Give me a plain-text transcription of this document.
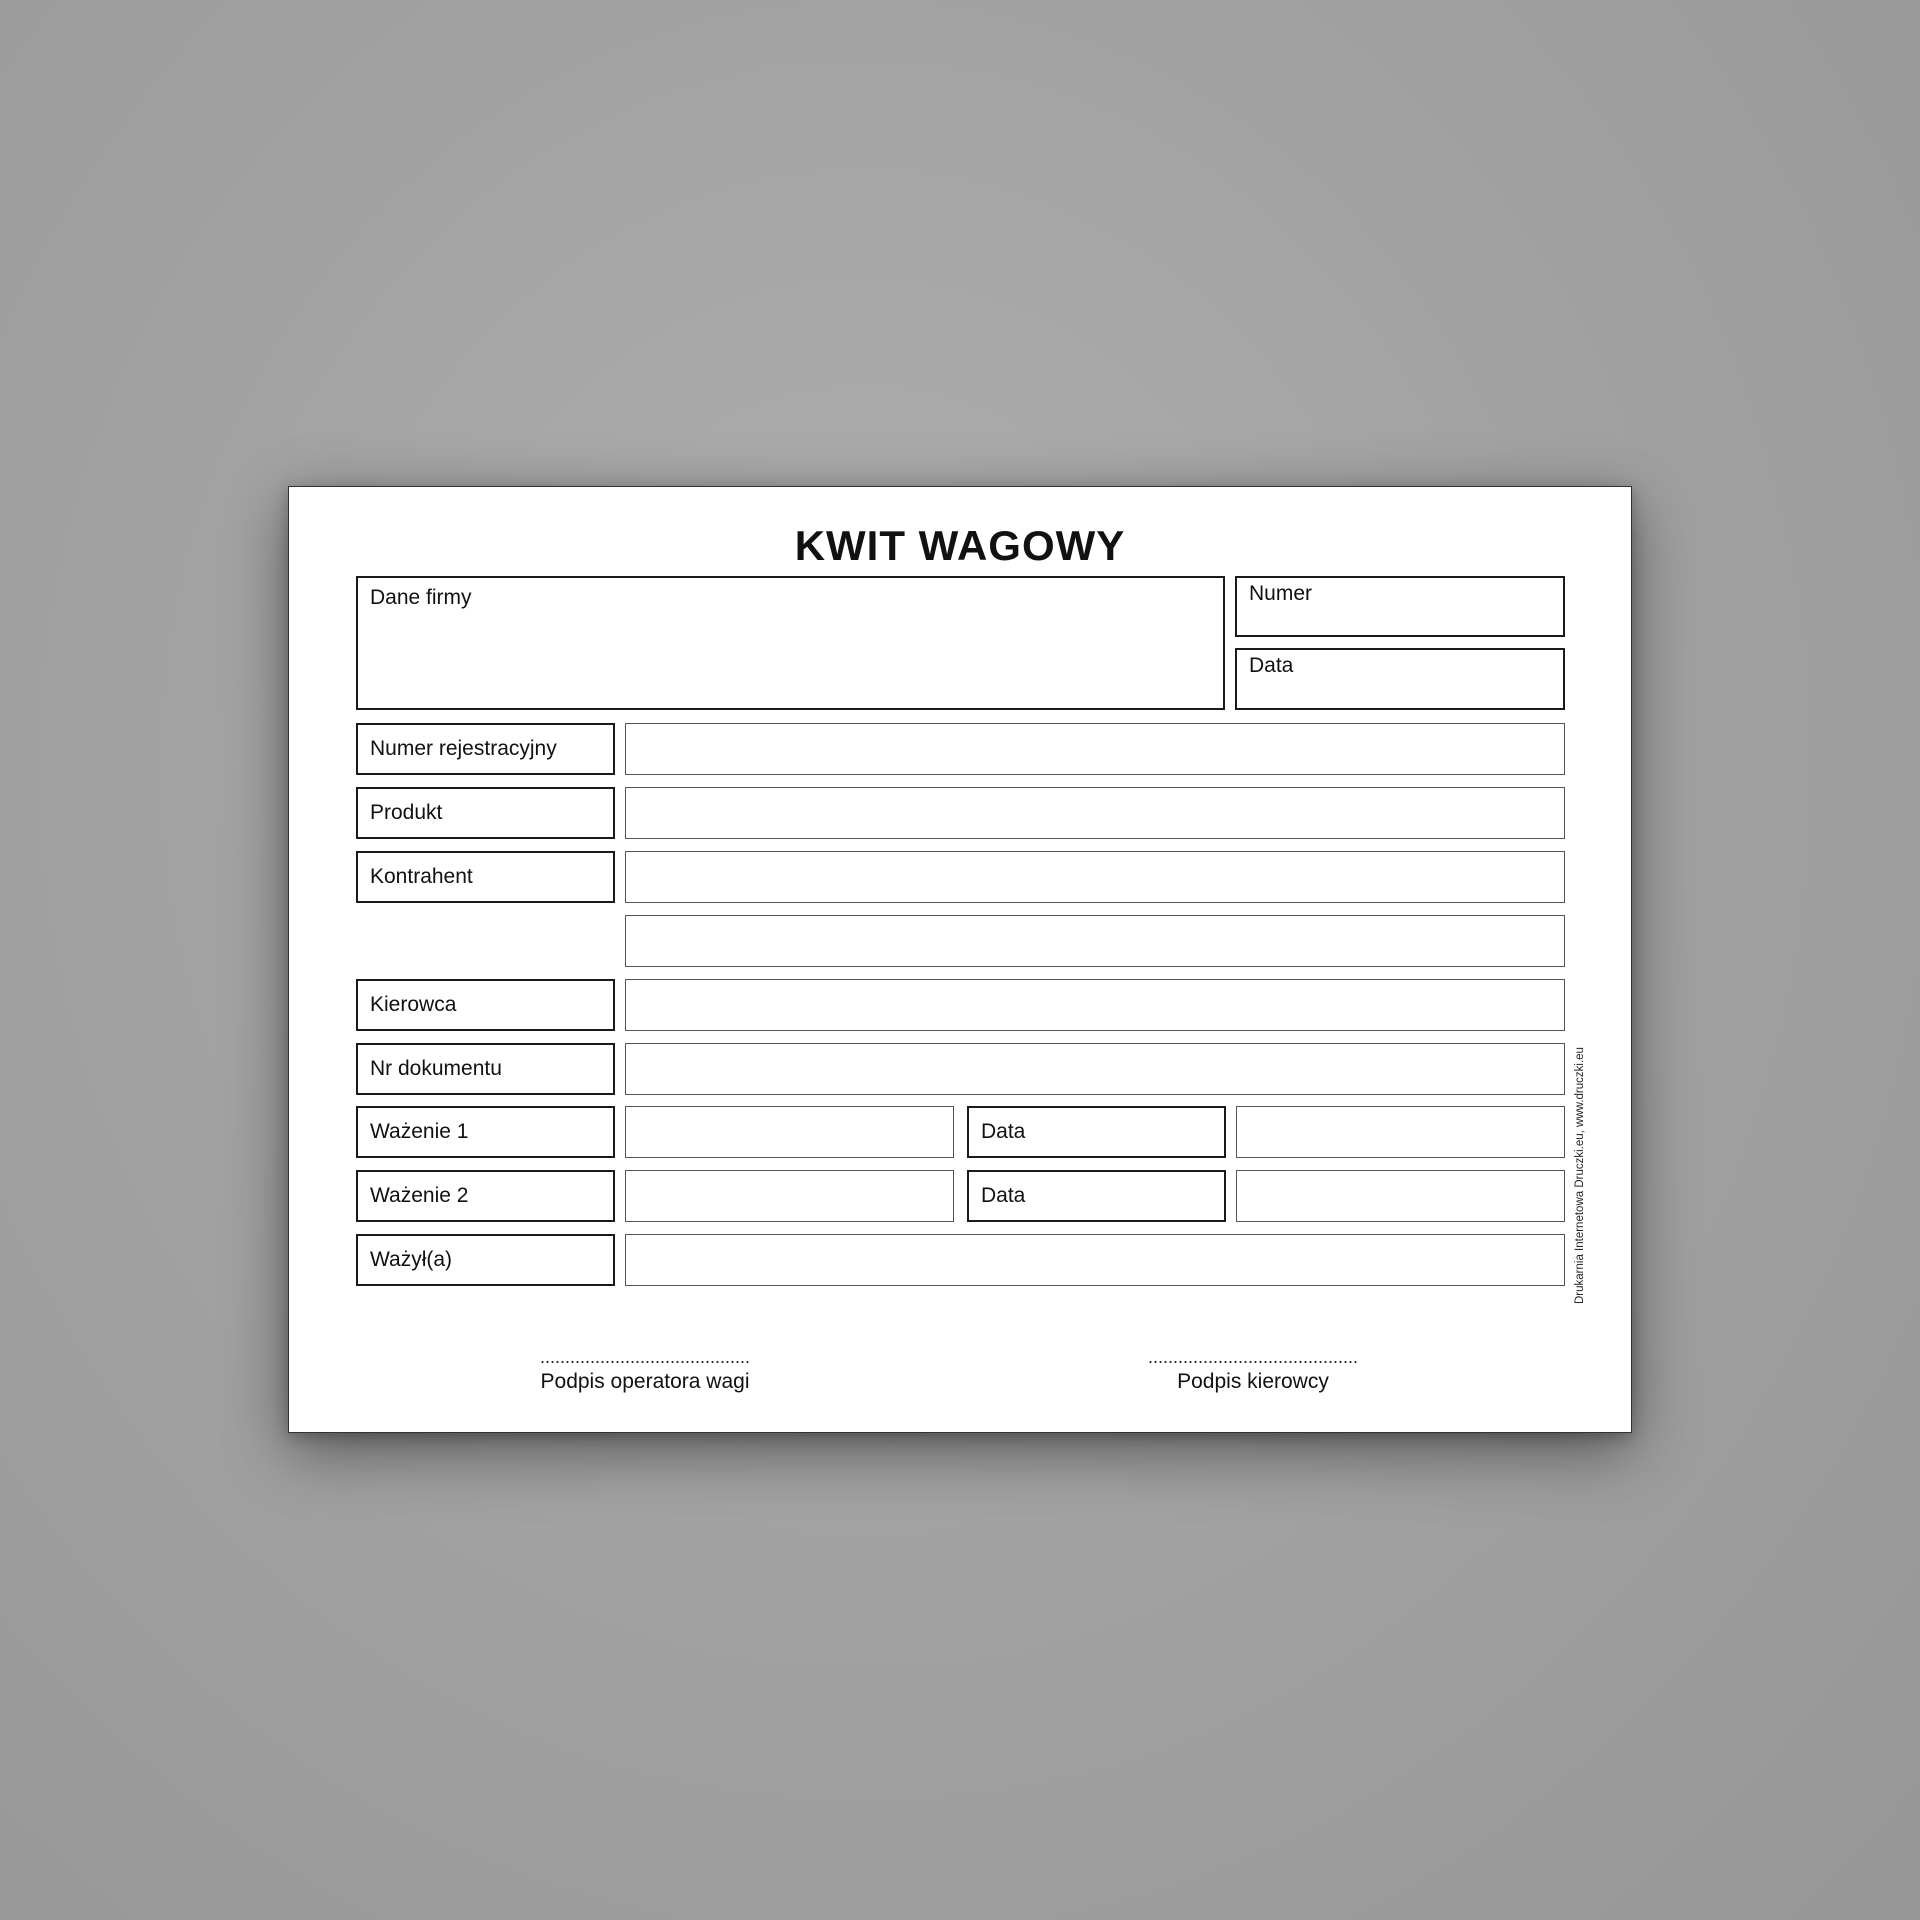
KWIT WAGOWY
Dane firmy	Numer
Data
Numer rejestracyjny
Produkt
Kontrahent
Kierowca
Nr dokumentu
Ważenie 1	Data
Ważenie 2	Data
Ważył(a)
..........................................
Podpis operatora wagi
..........................................
Podpis kierowcy
Drukarnia Internetowa Druczki.eu, www.druczki.eu
